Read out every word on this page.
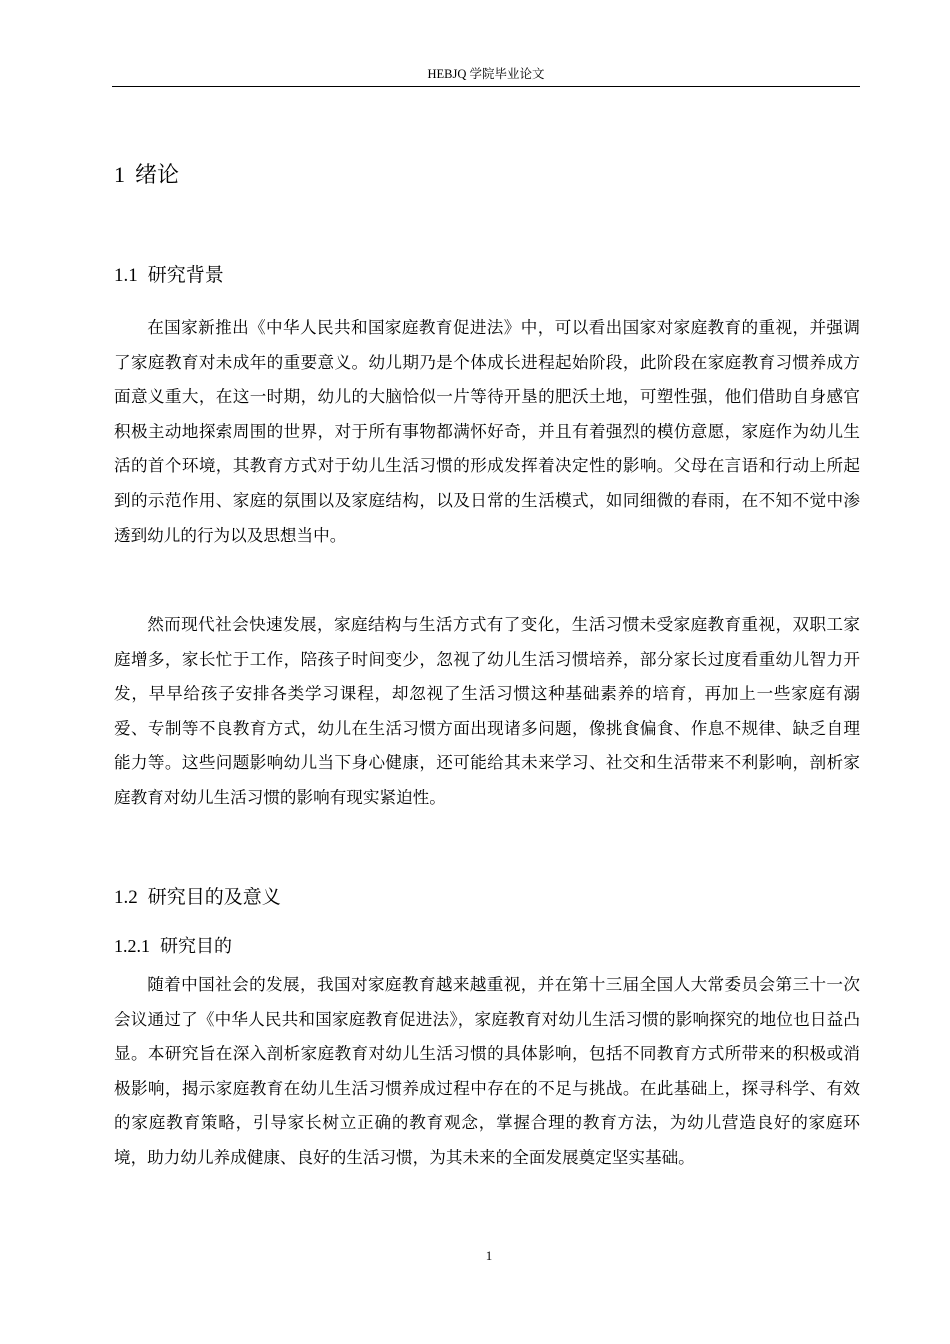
HEBJQ 学院毕业论文
1 绪论
1.1 研究背景

在国家新推出《中华人民共和国家庭教育促进法》中，可以看出国家对家庭教育的重视，并强调了家庭教育对未成年的重要意义。幼儿期乃是个体成长进程起始阶段，此阶段在家庭教育习惯养成方面意义重大，在这一时期，幼儿的大脑恰似一片等待开垦的肥沃土地，可塑性强，他们借助自身感官积极主动地探索周围的世界，对于所有事物都满怀好奇，并且有着强烈的模仿意愿，家庭作为幼儿生活的首个环境，其教育方式对于幼儿生活习惯的形成发挥着决定性的影响。父母在言语和行动上所起到的示范作用、家庭的氛围以及家庭结构，以及日常的生活模式，如同细微的春雨，在不知不觉中渗透到幼儿的行为以及思想当中。

然而现代社会快速发展，家庭结构与生活方式有了变化，生活习惯未受家庭教育重视，双职工家庭增多，家长忙于工作，陪孩子时间变少，忽视了幼儿生活习惯培养，部分家长过度看重幼儿智力开发，早早给孩子安排各类学习课程，却忽视了生活习惯这种基础素养的培育，再加上一些家庭有溺爱、专制等不良教育方式，幼儿在生活习惯方面出现诸多问题，像挑食偏食、作息不规律、缺乏自理能力等。这些问题影响幼儿当下身心健康，还可能给其未来学习、社交和生活带来不利影响，剖析家庭教育对幼儿生活习惯的影响有现实紧迫性。

1.2 研究目的及意义
1.2.1 研究目的

随着中国社会的发展，我国对家庭教育越来越重视，并在第十三届全国人大常委员会第三十一次会议通过了《中华人民共和国家庭教育促进法》，家庭教育对幼儿生活习惯的影响探究的地位也日益凸显。本研究旨在深入剖析家庭教育对幼儿生活习惯的具体影响，包括不同教育方式所带来的积极或消极影响，揭示家庭教育在幼儿生活习惯养成过程中存在的不足与挑战。在此基础上，探寻科学、有效的家庭教育策略，引导家长树立正确的教育观念，掌握合理的教育方法，为幼儿营造良好的家庭环境，助力幼儿养成健康、良好的生活习惯，为其未来的全面发展奠定坚实基础。

1
